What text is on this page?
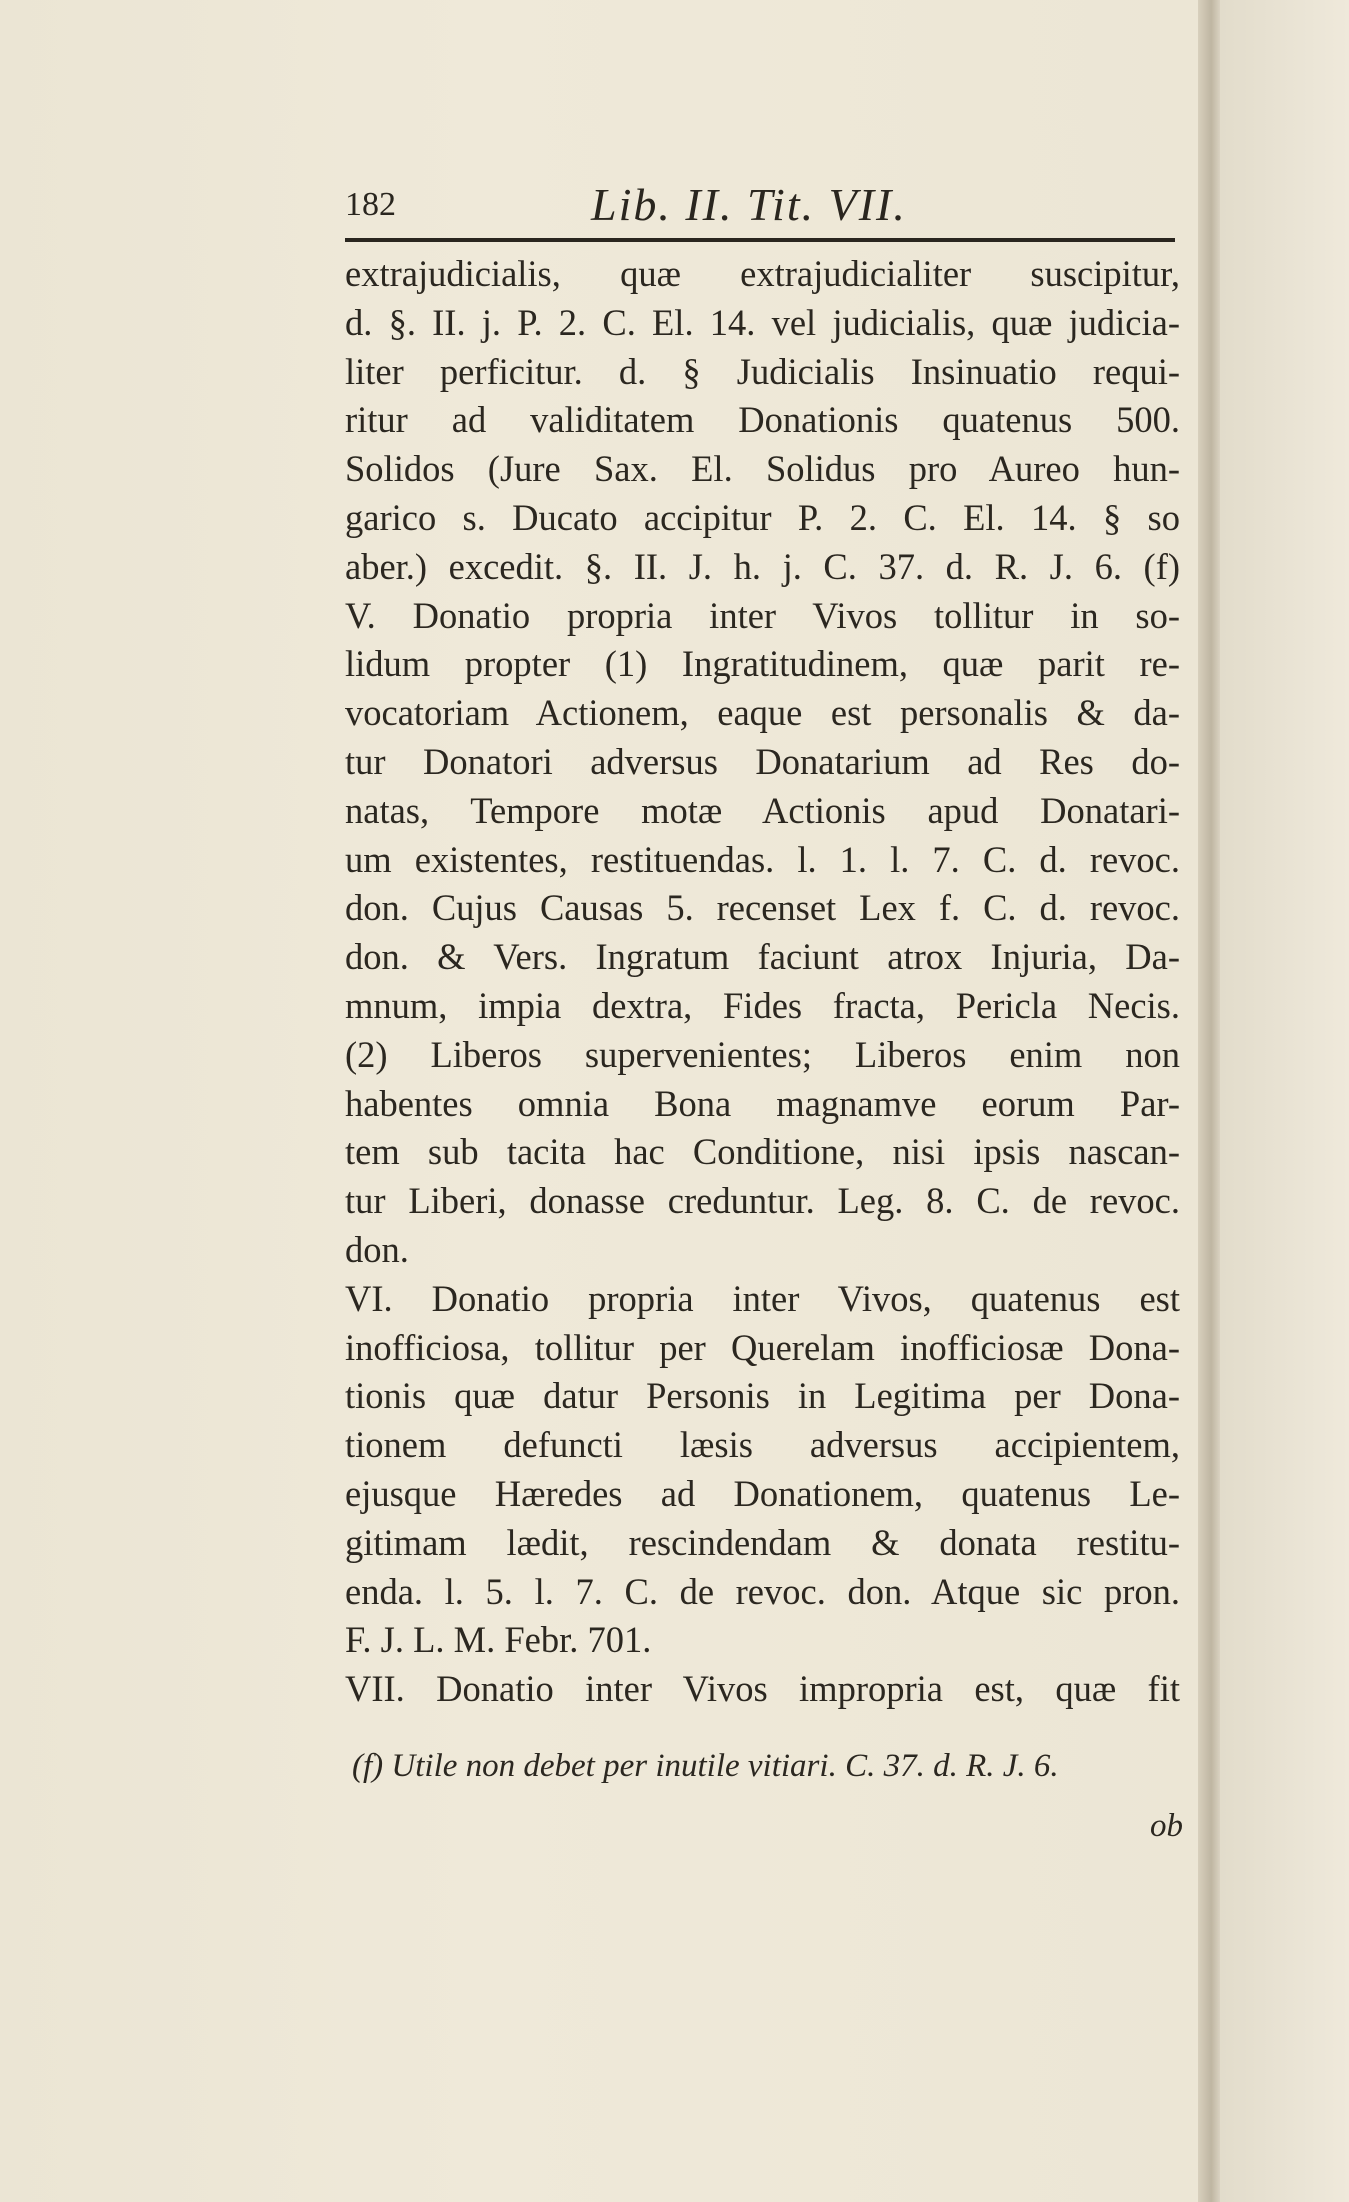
182	Lib. II. Tit. VII.
extrajudicialis, quæ extrajudicialiter suscipitur,
d. §. II. j. P. 2. C. El. 14. vel judicialis, quæ judicia-
liter perficitur. d. § Judicialis Insinuatio requi-
ritur ad validitatem Donationis quatenus 500.
Solidos (Jure Sax. El. Solidus pro Aureo hun-
garico s. Ducato accipitur P. 2. C. El. 14. § so
aber.) excedit. §. II. J. h. j. C. 37. d. R. J. 6. (f)
V. Donatio propria inter Vivos tollitur in so-
lidum propter (1) Ingratitudinem, quæ parit re-
vocatoriam Actionem, eaque est personalis & da-
tur Donatori adversus Donatarium ad Res do-
natas, Tempore motæ Actionis apud Donatari-
um existentes, restituendas. l. 1. l. 7. C. d. revoc.
don. Cujus Causas 5. recenset Lex f. C. d. revoc.
don. & Vers. Ingratum faciunt atrox Injuria, Da-
mnum, impia dextra, Fides fracta, Pericla Necis.
(2) Liberos supervenientes; Liberos enim non
habentes omnia Bona magnamve eorum Par-
tem sub tacita hac Conditione, nisi ipsis nascan-
tur Liberi, donasse creduntur. Leg. 8. C. de revoc.
don.
VI. Donatio propria inter Vivos, quatenus est
inofficiosa, tollitur per Querelam inofficiosæ Dona-
tionis quæ datur Personis in Legitima per Dona-
tionem defuncti læsis adversus accipientem,
ejusque Hæredes ad Donationem, quatenus Le-
gitimam lædit, rescindendam & donata restitu-
enda. l. 5. l. 7. C. de revoc. don. Atque sic pron.
F. J. L. M. Febr. 701.
VII. Donatio inter Vivos impropria est, quæ fit
(f) Utile non debet per inutile vitiari. C. 37. d. R. J. 6.
ob
